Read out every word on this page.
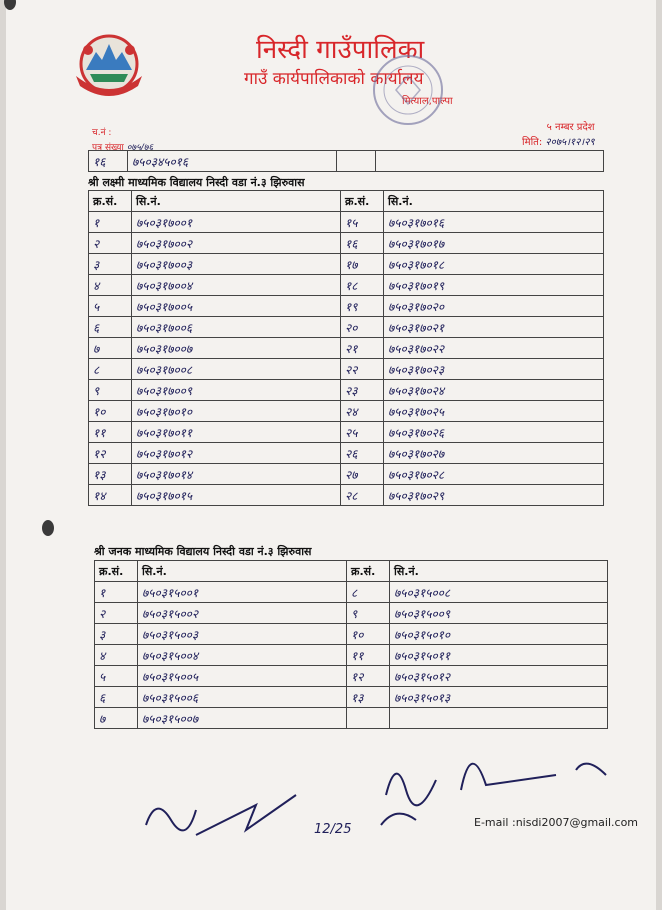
निस्दी गाउँपालिका
गाउँ कार्यपालिकाको कार्यालय
मित्याल,पाल्पा
च.नं :
पत्र संख्या ०७५/७६
५ नम्बर प्रदेश
मिति: २०७५।१२।२९
१६	७५०३४५०१६		
श्री लक्ष्मी माध्यमिक विद्यालय निस्दी वडा नं.३ झिरुवास
क्र.सं.	सि.नं.	क्र.सं.	सि.नं.
१	७५०३१७००१	१५	७५०३१७०१६
२	७५०३१७००२	१६	७५०३१७०१७
३	७५०३१७००३	१७	७५०३१७०१८
४	७५०३१७००४	१८	७५०३१७०१९
५	७५०३१७००५	१९	७५०३१७०२०
६	७५०३१७००६	२०	७५०३१७०२१
७	७५०३१७००७	२१	७५०३१७०२२
८	७५०३१७००८	२२	७५०३१७०२३
९	७५०३१७००९	२३	७५०३१७०२४
१०	७५०३१७०१०	२४	७५०३१७०२५
११	७५०३१७०११	२५	७५०३१७०२६
१२	७५०३१७०१२	२६	७५०३१७०२७
१३	७५०३१७०१४	२७	७५०३१७०२८
१४	७५०३१७०१५	२८	७५०३१७०२९
श्री जनक माध्यमिक विद्यालय निस्दी वडा नं.३ झिरुवास
क्र.सं.	सि.नं.	क्र.सं.	सि.नं.
१	७५०३१५००१	८	७५०३१५००८
२	७५०३१५००२	९	७५०३१५००९
३	७५०३१५००३	१०	७५०३१५०१०
४	७५०३१५००४	११	७५०३१५०११
५	७५०३१५००५	१२	७५०३१५०१२
६	७५०३१५००६	१३	७५०३१५०१३
७	७५०३१५००७		
12/25	E-mail :nisdi2007@gmail.com
